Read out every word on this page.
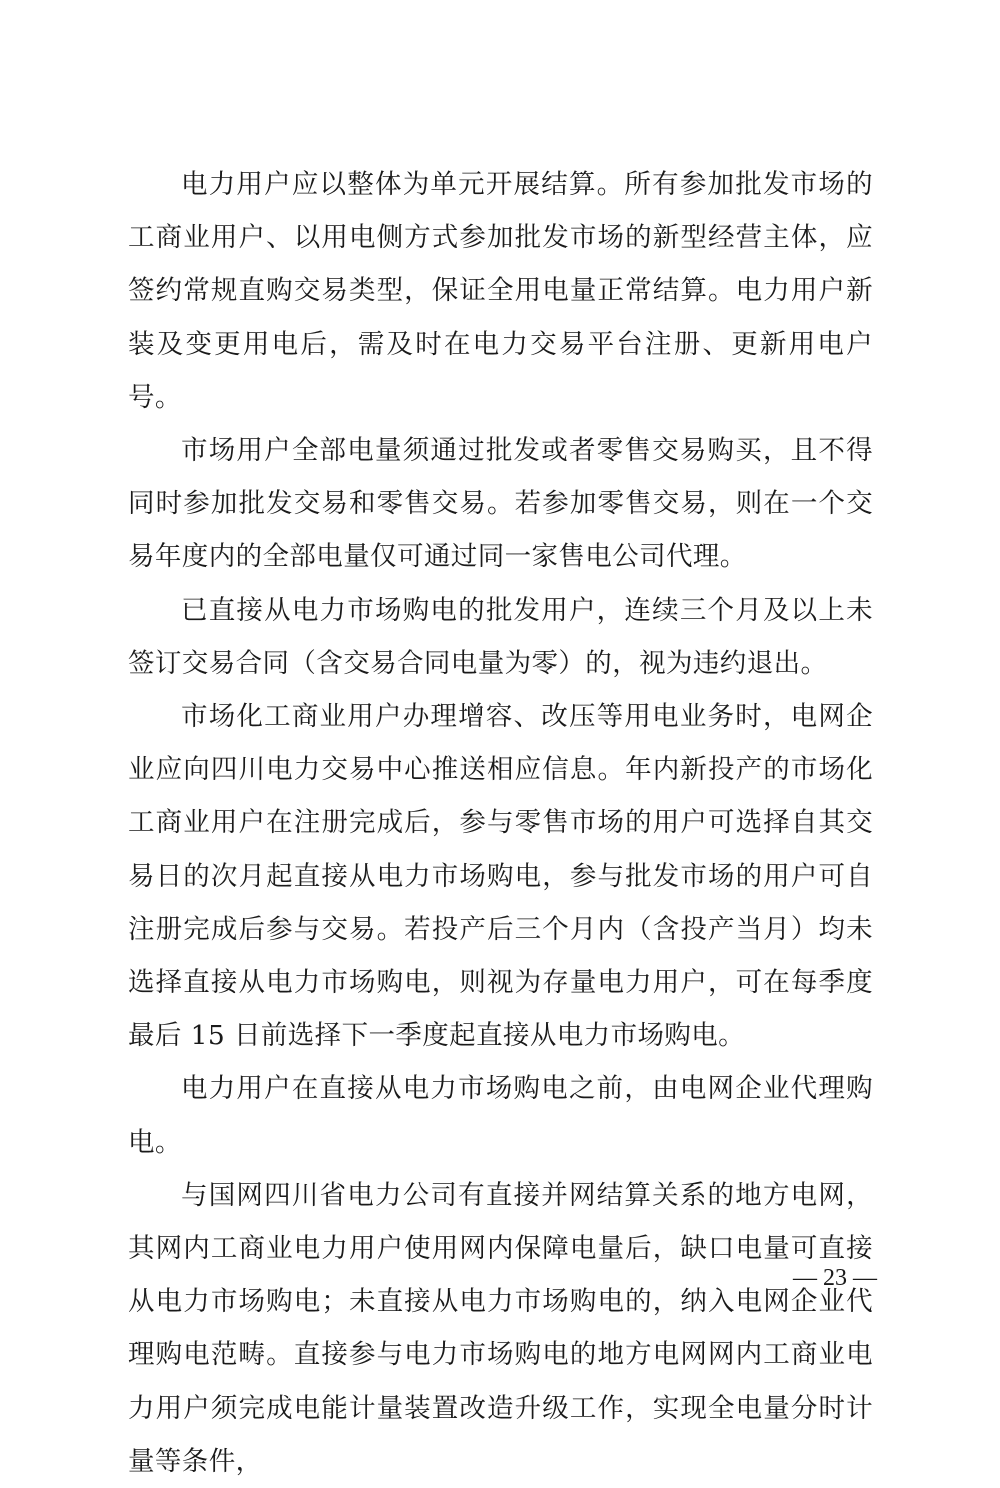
电力用户应以整体为单元开展结算。所有参加批发市场的工商业用户、以用电侧方式参加批发市场的新型经营主体，应签约常规直购交易类型，保证全用电量正常结算。电力用户新装及变更用电后，需及时在电力交易平台注册、更新用电户号。

市场用户全部电量须通过批发或者零售交易购买，且不得同时参加批发交易和零售交易。若参加零售交易，则在一个交易年度内的全部电量仅可通过同一家售电公司代理。

已直接从电力市场购电的批发用户，连续三个月及以上未签订交易合同（含交易合同电量为零）的，视为违约退出。

市场化工商业用户办理增容、改压等用电业务时，电网企业应向四川电力交易中心推送相应信息。年内新投产的市场化工商业用户在注册完成后，参与零售市场的用户可选择自其交易日的次月起直接从电力市场购电，参与批发市场的用户可自注册完成后参与交易。若投产后三个月内（含投产当月）均未选择直接从电力市场购电，则视为存量电力用户，可在每季度最后 15 日前选择下一季度起直接从电力市场购电。

电力用户在直接从电力市场购电之前，由电网企业代理购电。

与国网四川省电力公司有直接并网结算关系的地方电网，其网内工商业电力用户使用网内保障电量后，缺口电量可直接从电力市场购电；未直接从电力市场购电的，纳入电网企业代理购电范畴。直接参与电力市场购电的地方电网网内工商业电力用户须完成电能计量装置改造升级工作，实现全电量分时计量等条件，

— 23 —
